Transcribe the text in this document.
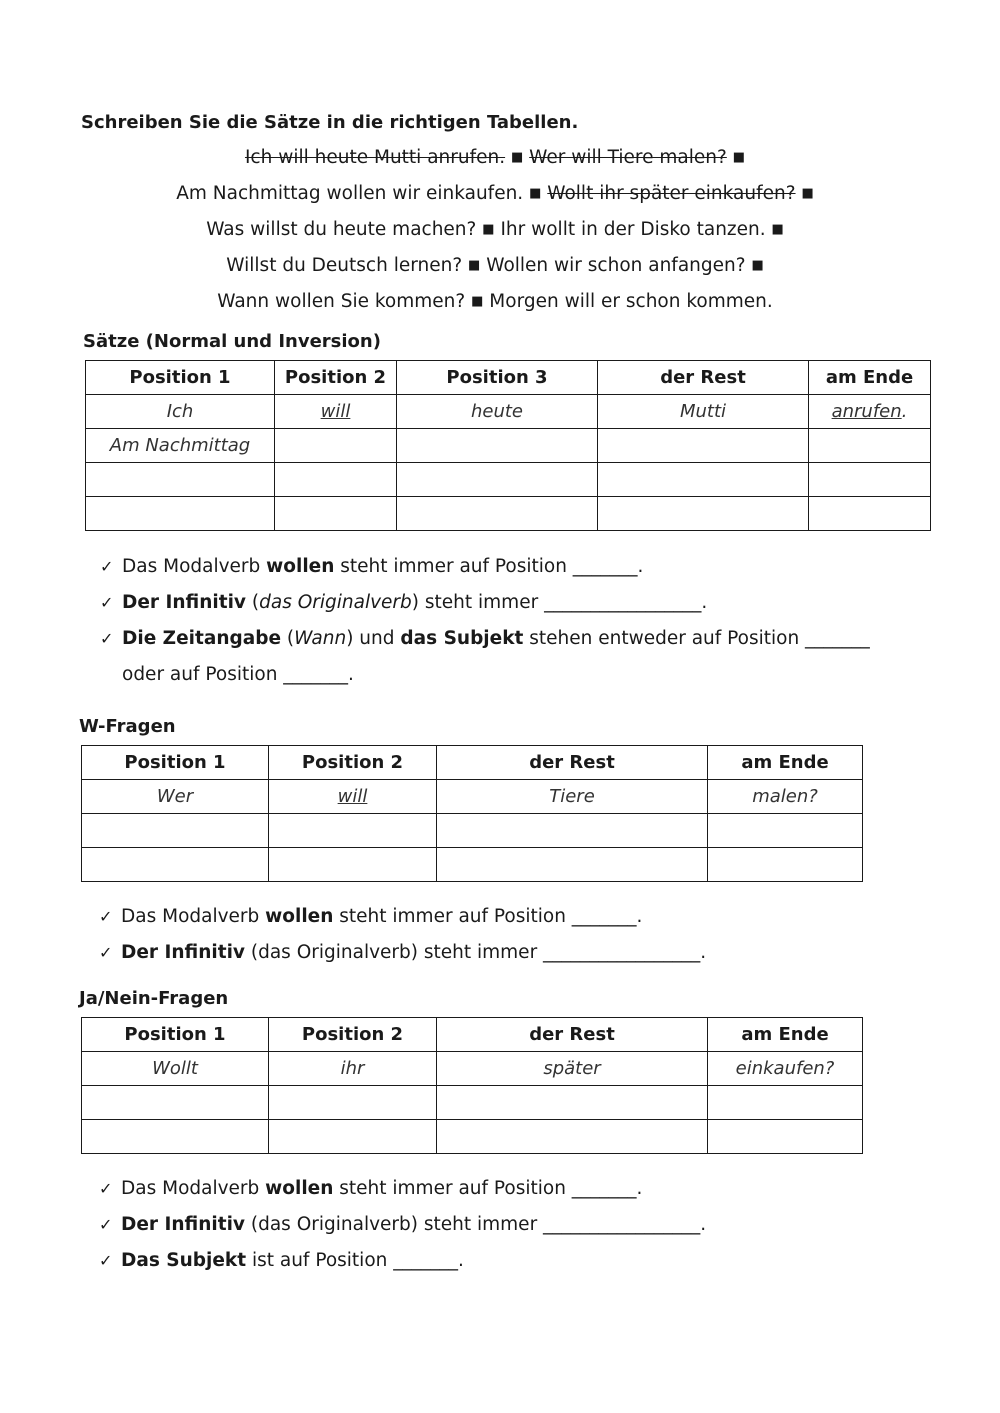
Schreiben Sie die Sätze in die richtigen Tabellen.
Ich will heute Mutti anrufen. ■ Wer will Tiere malen? ■
Am Nachmittag wollen wir einkaufen. ■ Wollt ihr später einkaufen? ■
Was willst du heute machen? ■ Ihr wollt in der Disko tanzen. ■
Willst du Deutsch lernen? ■ Wollen wir schon anfangen? ■
Wann wollen Sie kommen? ■ Morgen will er schon kommen.
Sätze (Normal und Inversion)
Position 1	Position 2	Position 3	der Rest	am Ende
Ich	will	heute	Mutti	anrufen.
Am Nachmittag				

✓ Das Modalverb wollen steht immer auf Position _______.
✓ Der Infinitiv (das Originalverb) steht immer _________________.
✓ Die Zeitangabe (Wann) und das Subjekt stehen entweder auf Position _______
oder auf Position _______.
W-Fragen
Position 1	Position 2	der Rest	am Ende
Wer	will	Tiere	malen?

✓ Das Modalverb wollen steht immer auf Position _______.
✓ Der Infinitiv (das Originalverb) steht immer _________________.
Ja/Nein-Fragen
Position 1	Position 2	der Rest	am Ende
Wollt	ihr	später	einkaufen?

✓ Das Modalverb wollen steht immer auf Position _______.
✓ Der Infinitiv (das Originalverb) steht immer _________________.
✓ Das Subjekt ist auf Position _______.
